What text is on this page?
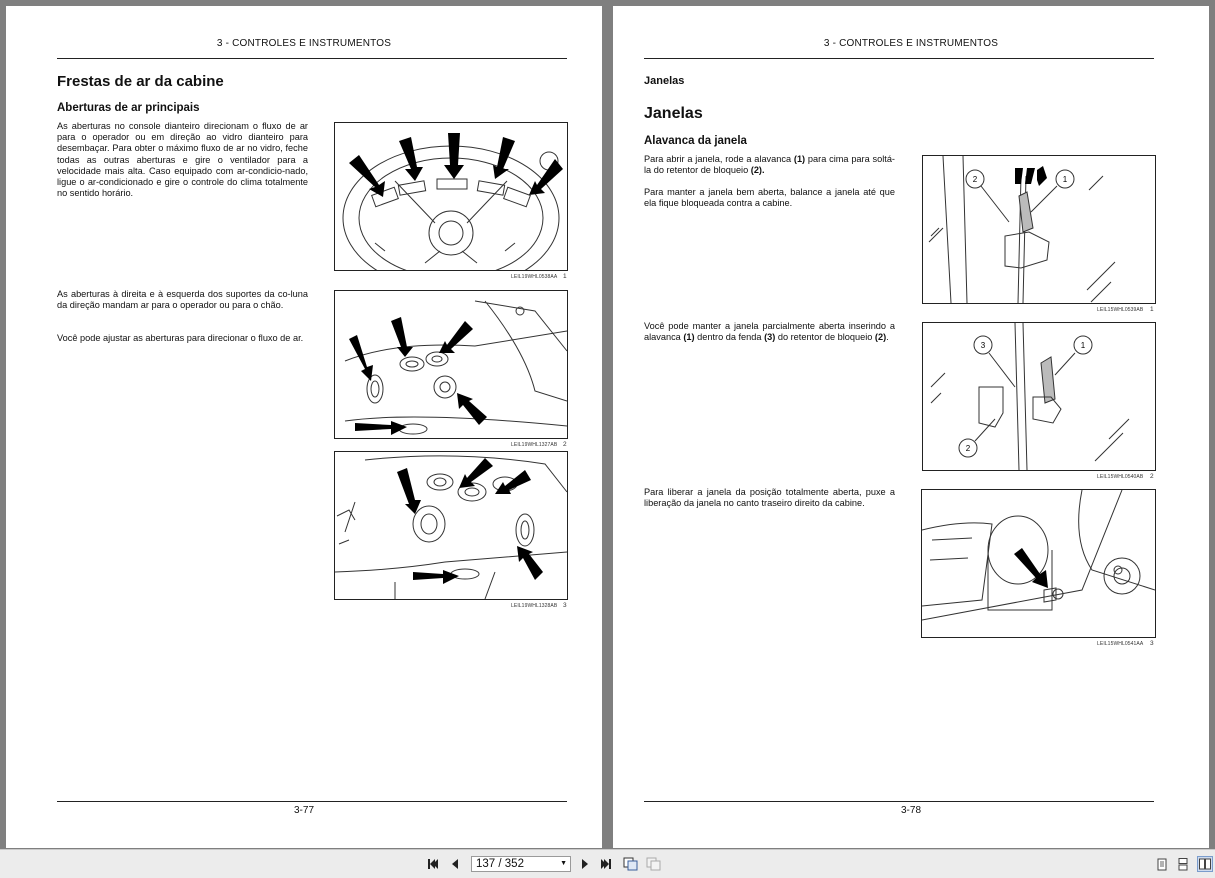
3 - CONTROLES E INSTRUMENTOS
Frestas de ar da cabine
Aberturas de ar principais
As aberturas no console dianteiro direcionam o fluxo de ar para o operador ou em direção ao vidro dianteiro para desembaçar. Para obter o máximo fluxo de ar no vidro, feche todas as outras aberturas e gire o ventilador para a velocidade mais alta. Caso equipado com ar-condicio-nado, ligue o ar-condicionado e gire o controle do clima totalmente no sentido horário.
As aberturas à direita e à esquerda dos suportes da co-luna da direção mandam ar para o operador ou para o chão.
Você pode ajustar as aberturas para direcionar o fluxo de ar.
LEIL19WHL0538AA 1
LEIL19WHL1327AB 2
LEIL19WHL1328AB 3
3-77
3 - CONTROLES E INSTRUMENTOS
Janelas
Janelas
Alavanca da janela
Para abrir a janela, rode a alavanca (1) para cima para soltá-la do retentor de bloqueio (2).
Para manter a janela bem aberta, balance a janela até que ela fique bloqueada contra a cabine.
Você pode manter a janela parcialmente aberta inserindo a alavanca (1) dentro da fenda (3) do retentor de bloqueio (2).
Para liberar a janela da posição totalmente aberta, puxe a liberação da janela no canto traseiro direito da cabine.
2	1
LEIL15WHL0539AB 1
3	1
2
LEIL15WHL0540AB 2
LEIL15WHL0541AA 3
3-78
137 / 352	▼
